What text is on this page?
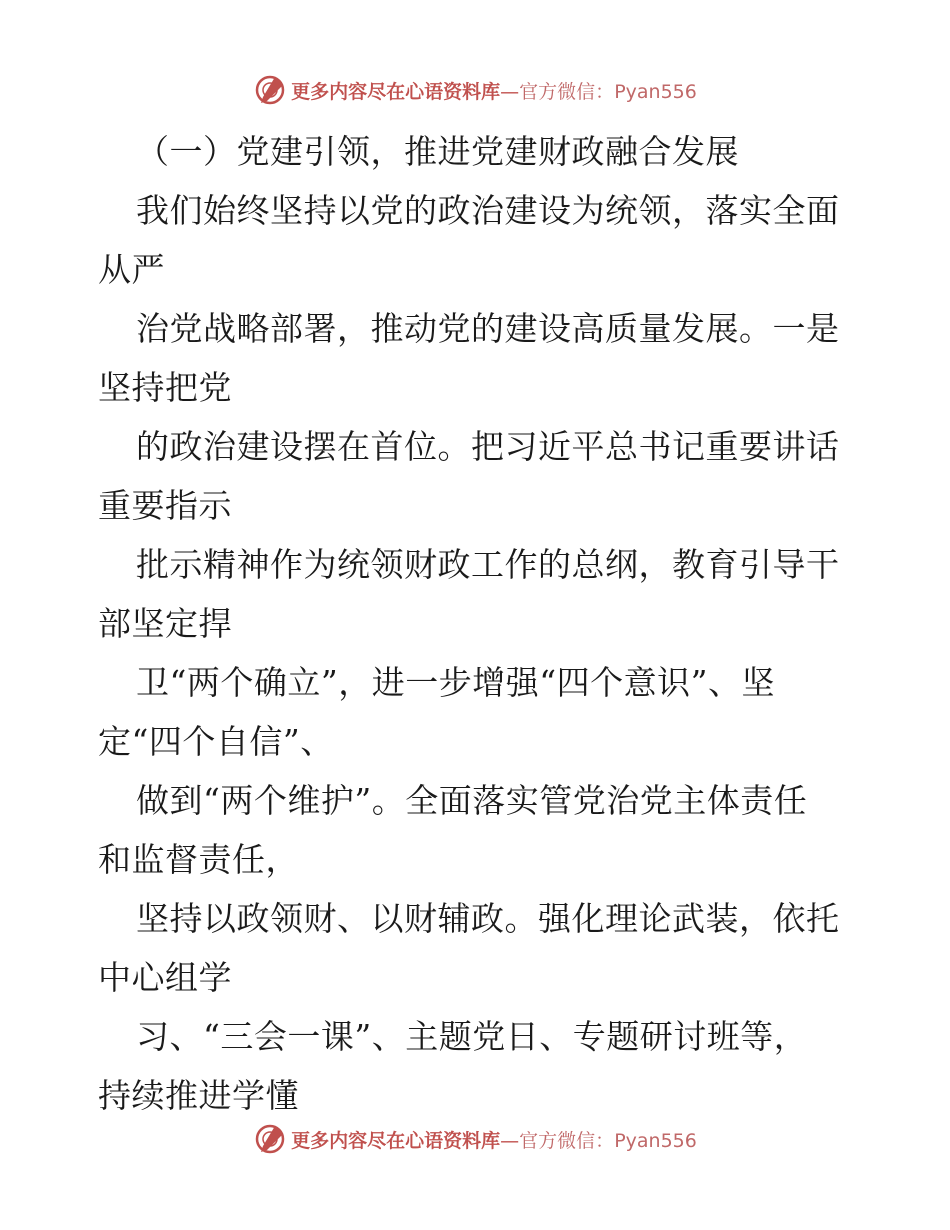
更多内容尽在心语资料库—官方微信：Pyan556
（一）党建引领，推进党建财政融合发展
我们始终坚持以党的政治建设为统领，落实全面
从严
治党战略部署，推动党的建设高质量发展。一是
坚持把党
的政治建设摆在首位。把习近平总书记重要讲话
重要指示
批示精神作为统领财政工作的总纲，教育引导干
部坚定捍
卫“两个确立”，进一步增强“四个意识”、坚
定“四个自信”、
做到“两个维护”。全面落实管党治党主体责任
和监督责任，
坚持以政领财、以财辅政。强化理论武装，依托
中心组学
习、“三会一课”、主题党日、专题研讨班等，
持续推进学懂
更多内容尽在心语资料库—官方微信：Pyan556
